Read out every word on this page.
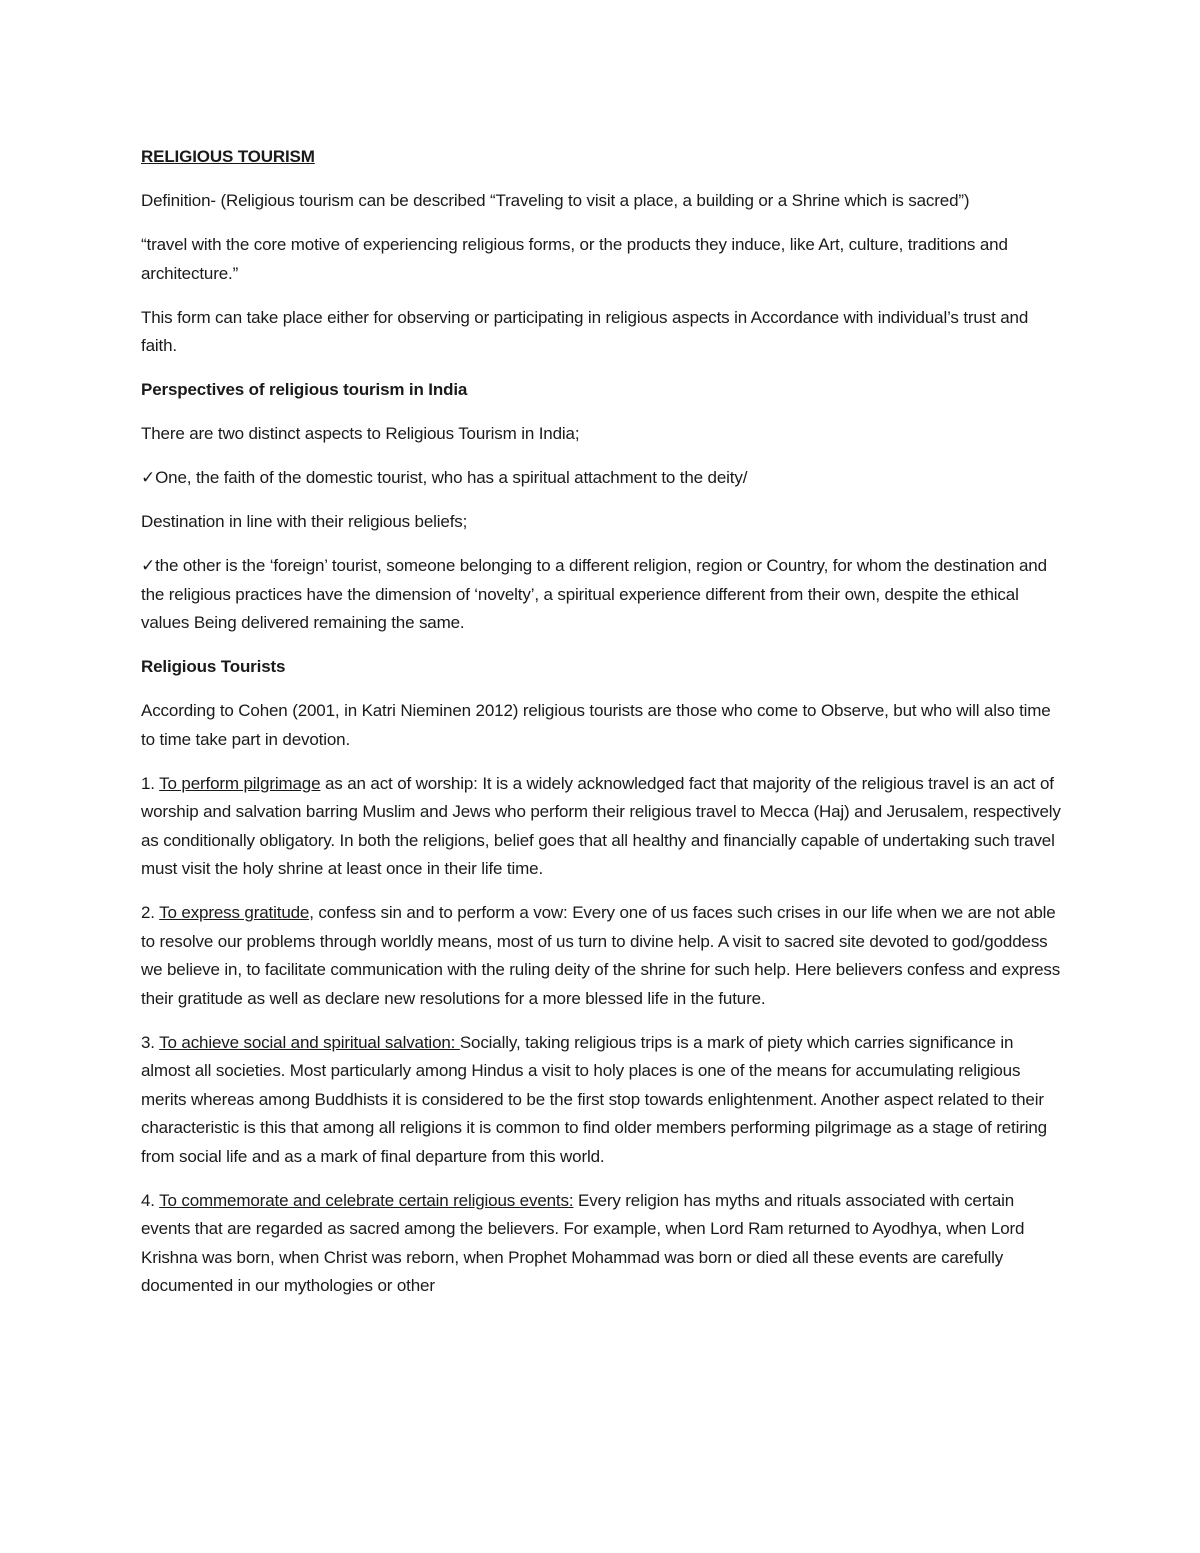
RELIGIOUS TOURISM

Definition- (Religious tourism can be described “Traveling to visit a place, a building or a Shrine which is sacred”)

“travel with the core motive of experiencing religious forms, or the products they induce, like Art, culture, traditions and architecture.”

This form can take place either for observing or participating in religious aspects in Accordance with individual’s trust and faith.

Perspectives of religious tourism in India

There are two distinct aspects to Religious Tourism in India;

✓One, the faith of the domestic tourist, who has a spiritual attachment to the deity/

Destination in line with their religious beliefs;

✓the other is the ‘foreign’ tourist, someone belonging to a different religion, region or Country, for whom the destination and the religious practices have the dimension of ‘novelty’, a spiritual experience different from their own, despite the ethical values Being delivered remaining the same.

Religious Tourists

According to Cohen (2001, in Katri Nieminen 2012) religious tourists are those who come to Observe, but who will also time to time take part in devotion.

1. To perform pilgrimage as an act of worship: It is a widely acknowledged fact that majority of the religious travel is an act of worship and salvation barring Muslim and Jews who perform their religious travel to Mecca (Haj) and Jerusalem, respectively as conditionally obligatory. In both the religions, belief goes that all healthy and financially capable of undertaking such travel must visit the holy shrine at least once in their life time.

2. To express gratitude, confess sin and to perform a vow: Every one of us faces such crises in our life when we are not able to resolve our problems through worldly means, most of us turn to divine help. A visit to sacred site devoted to god/goddess we believe in, to facilitate communication with the ruling deity of the shrine for such help. Here believers confess and express their gratitude as well as declare new resolutions for a more blessed life in the future.

3. To achieve social and spiritual salvation: Socially, taking religious trips is a mark of piety which carries significance in almost all societies. Most particularly among Hindus a visit to holy places is one of the means for accumulating religious merits whereas among Buddhists it is considered to be the first stop towards enlightenment. Another aspect related to their characteristic is this that among all religions it is common to find older members performing pilgrimage as a stage of retiring from social life and as a mark of final departure from this world.

4. To commemorate and celebrate certain religious events: Every religion has myths and rituals associated with certain events that are regarded as sacred among the believers. For example, when Lord Ram returned to Ayodhya, when Lord Krishna was born, when Christ was reborn, when Prophet Mohammad was born or died all these events are carefully documented in our mythologies or other
